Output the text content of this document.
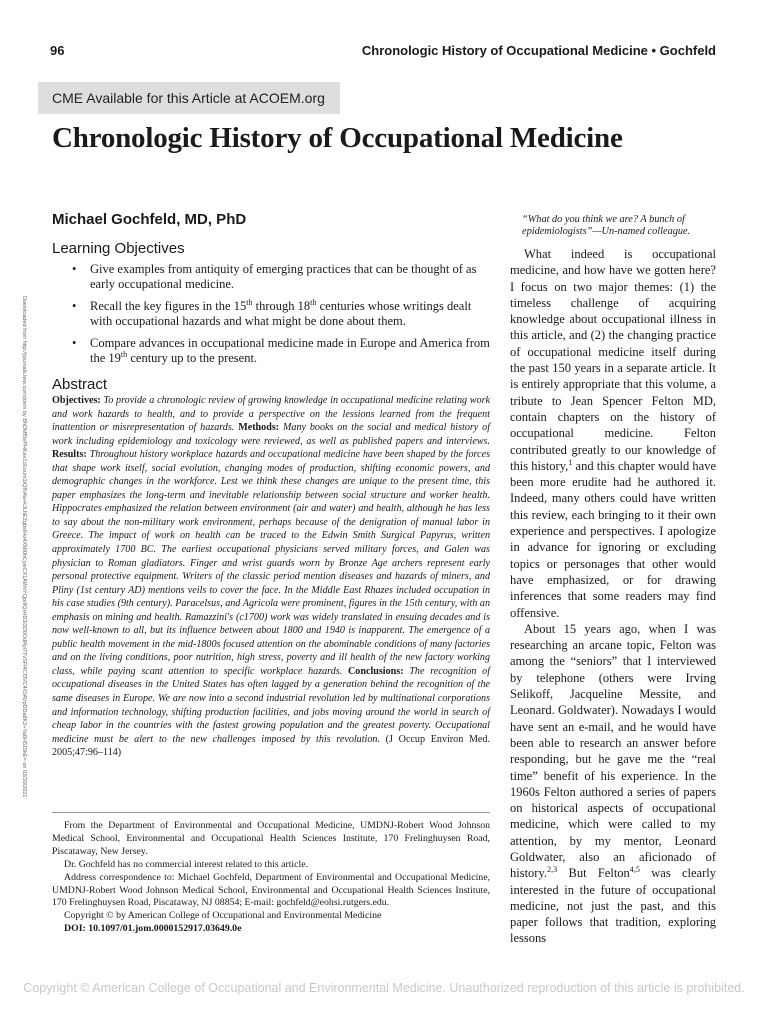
96	Chronologic History of Occupational Medicine • Gochfeld
CME Available for this Article at ACOEM.org
Chronologic History of Occupational Medicine
Michael Gochfeld, MD, PhD
Learning Objectives
• Give examples from antiquity of emerging practices that can be thought of as early occupational medicine.
• Recall the key figures in the 15th through 18th centuries whose writings dealt with occupational hazards and what might be done about them.
• Compare advances in occupational medicine made in Europe and America from the 19th century up to the present.
Abstract
Objectives: To provide a chronologic review of growing knowledge in occupational medicine relating work and work hazards to health, and to provide a perspective on the lessions learned from the frequent inattention or misrepresentation of hazards. Methods: Many books on the social and medical history of work including epidemiology and toxicology were reviewed, as well as published papers and interviews. Results: Throughout history workplace hazards and occupational medicine have been shaped by the forces that shape work itself, social evolution, changing modes of production, shifting economic powers, and demographic changes in the workforce. Lest we think these changes are unique to the present time, this paper emphasizes the long-term and inevitable relationship between social structure and worker health. Hippocrates emphasized the relation between environment (air and water) and health, although he has less to say about the non-military work environment, perhaps because of the denigration of manual labor in Greece. The impact of work on health can be traced to the Edwin Smith Surgical Papyrus, written approximately 1700 BC. The earliest occupational physicians served military forces, and Galen was physician to Roman gladiators. Finger and wrist guards worn by Bronze Age archers represent early personal protective equipment. Writers of the classic period mention diseases and hazards of miners, and Pliny (1st century AD) mentions veils to cover the face. In the Middle East Rhazes included occupation in his case studies (9th century). Paracelsus, and Agricola were prominent, figures in the 15th century, with an emphasis on mining and health. Ramazzini's (c1700) work was widely translated in ensuing decades and is now well-known to all, but its influence between about 1800 and 1940 is inapparent. The emergence of a public health movement in the mid-1800s focused attention on the abominable conditions of many factories and on the living conditions, poor nutrition, high stress, poverty and ill health of the new factory working class, while paying scant attention to specific workplace hazards. Conclusions: The recognition of occupational diseases in the United States has often lagged by a generation behind the recognition of the same diseases in Europe. We are now into a second industrial revolution led by multinational corporations and information technology, shifting production facilities, and jobs moving around the world in search of cheap labor in the countries with the fastest growing population and the greatest poverty. Occupational medicine must be alert to the new challenges imposed by this revolution. (J Occup Environ Med. 2005;47:96–114)

From the Department of Environmental and Occupational Medicine, UMDNJ-Robert Wood Johnson Medical School, Environmental and Occupational Health Sciences Institute, 170 Frelinghuysen Road, Piscataway, New Jersey.

Dr. Gochfeld has no commercial interest related to this article.

Address correspondence to: Michael Gochfeld, Department of Environmental and Occupational Medicine, UMDNJ-Robert Wood Johnson Medical School, Environmental and Occupational Health Sciences Institute, 170 Frelinghuysen Road, Piscataway, NJ 08854; E-mail: gochfeld@eohsi.rutgers.edu.

Copyright © by American College of Occupational and Environmental Medicine

DOI: 10.1097/01.jom.0000152917.03649.0e

“What do you think we are? A bunch of epidemiologists”—Un-named colleague.

What indeed is occupational medicine, and how have we gotten here? I focus on two major themes: (1) the timeless challenge of acquiring knowledge about occupational illness in this article, and (2) the changing practice of occupational medicine itself during the past 150 years in a separate article. It is entirely appropriate that this volume, a tribute to Jean Spencer Felton MD, contain chapters on the history of occupational medicine. Felton contributed greatly to our knowledge of this history,$^1$ and this chapter would have been more erudite had he authored it. Indeed, many others could have written this review, each bringing to it their own experience and perspectives. I apologize in advance for ignoring or excluding topics or personages that other would have emphasized, or for drawing inferences that some readers may find offensive.

About 15 years ago, when I was researching an arcane topic, Felton was among the “seniors” that I interviewed by telephone (others were Irving Selikoff, Jacqueline Messite, and Leonard. Goldwater). Nowadays I would have sent an e-mail, and he would have been able to research an answer before responding, but he gave me the “real time” benefit of his experience. In the 1960s Felton authored a series of papers on historical aspects of occupational medicine, which were called to my attention, by my mentor, Leonard Goldwater, also an aficionado of history.$^{2,3}$ But Felton$^{4,5}$ was clearly interested in the future of occupational medicine, not just the past, and this paper follows that tradition, exploring lessons

Downloaded from http://journals.lww.com/joem by BhDMf5ePHKav1zEoum1tQfN4a+kJLhEZgbsIHo4XMi0hCywCX1AWnYQp/IlQrHD3i3D0OdRyi7TvSFl4Cf3VC4/OAVpDDa8K2+Ya6H515kE= on 03/30/2021
Copyright © American College of Occupational and Environmental Medicine. Unauthorized reproduction of this article is prohibited.
